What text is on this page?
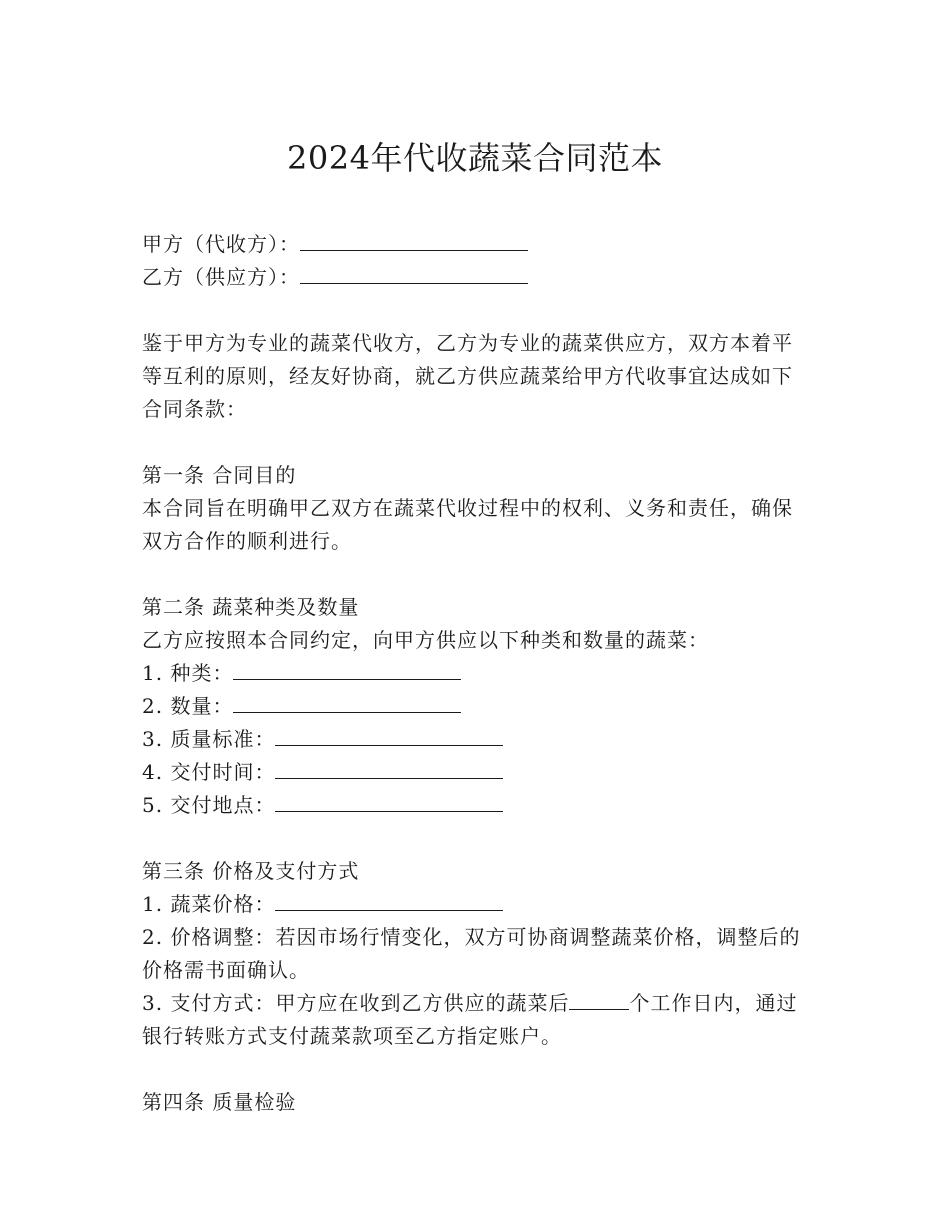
2024年代收蔬菜合同范本
甲方（代收方）：
乙方（供应方）：
鉴于甲方为专业的蔬菜代收方，乙方为专业的蔬菜供应方，双方本着平等互利的原则，经友好协商，就乙方供应蔬菜给甲方代收事宜达成如下合同条款：
第一条 合同目的
本合同旨在明确甲乙双方在蔬菜代收过程中的权利、义务和责任，确保双方合作的顺利进行。
第二条 蔬菜种类及数量
乙方应按照本合同约定，向甲方供应以下种类和数量的蔬菜：
1. 种类：
2. 数量：
3. 质量标准：
4. 交付时间：
5. 交付地点：
第三条 价格及支付方式
1. 蔬菜价格：
2. 价格调整：若因市场行情变化，双方可协商调整蔬菜价格，调整后的价格需书面确认。
3. 支付方式：甲方应在收到乙方供应的蔬菜后	个工作日内，通过银行转账方式支付蔬菜款项至乙方指定账户。
第四条 质量检验
